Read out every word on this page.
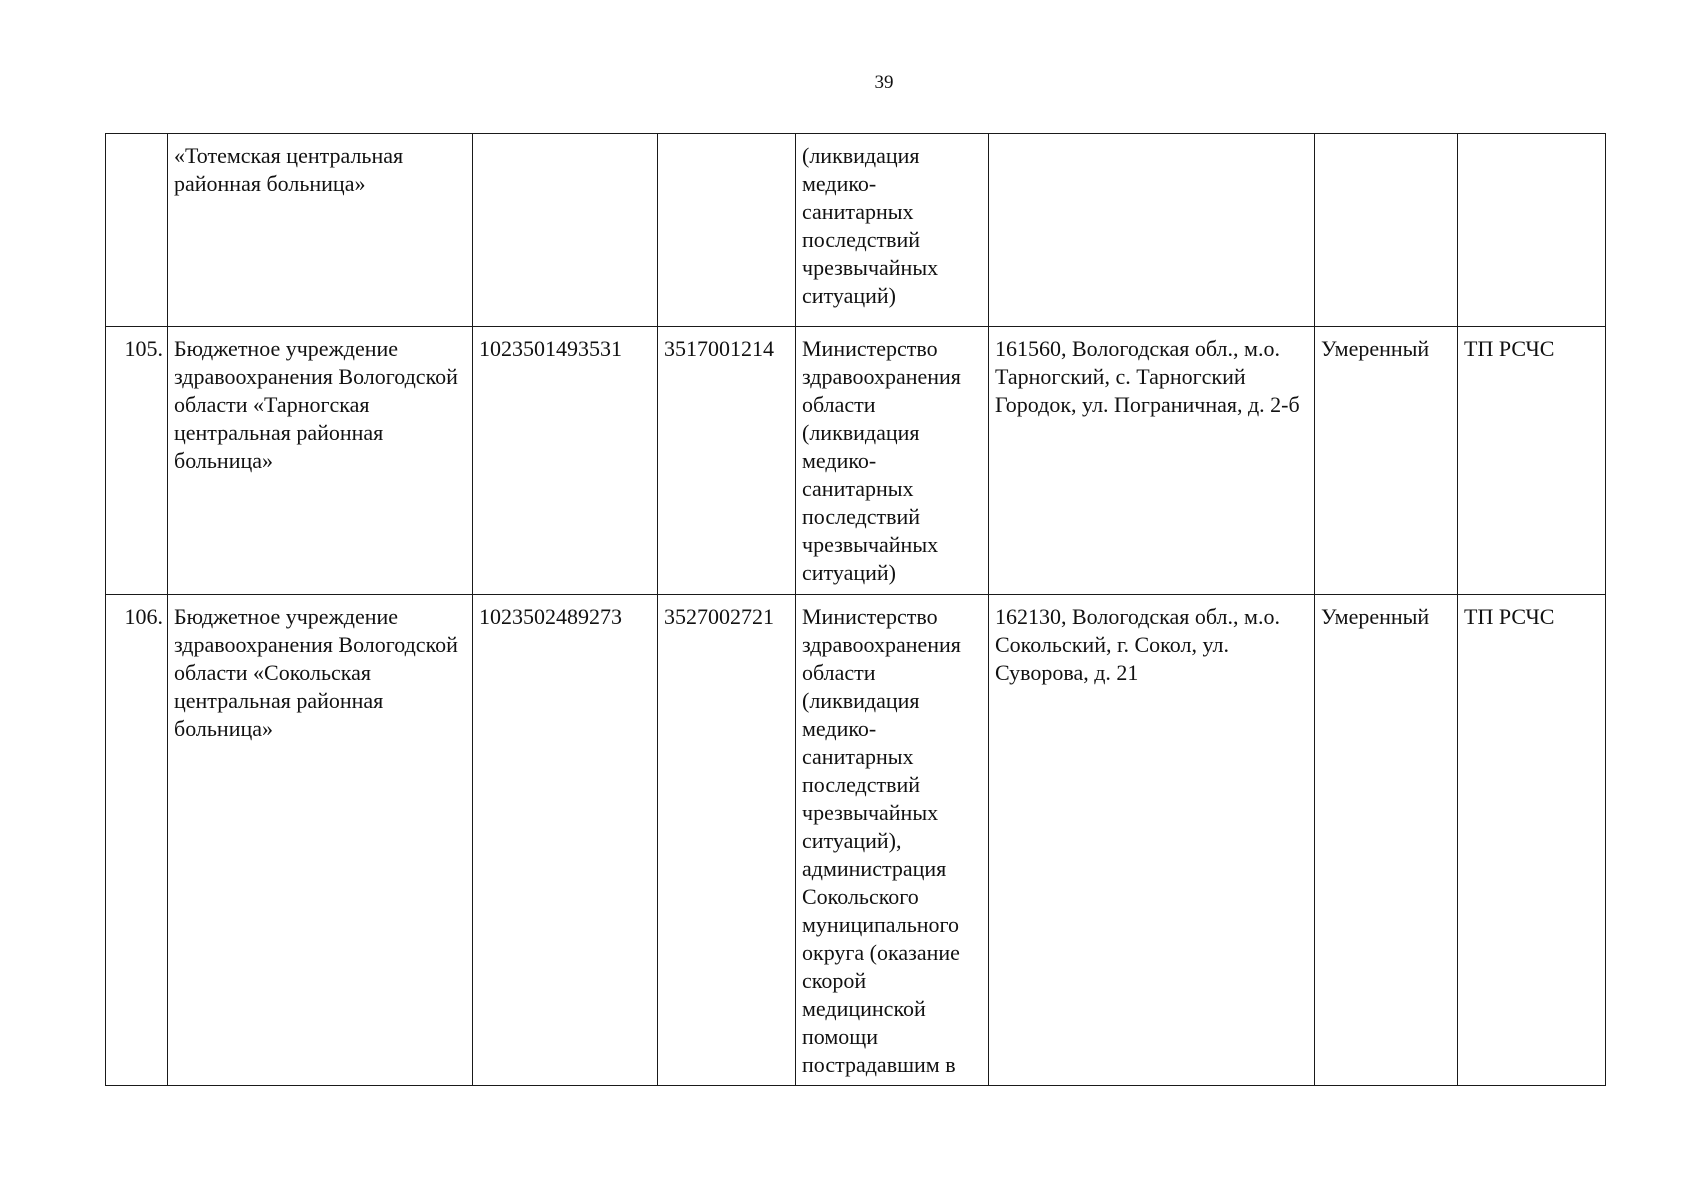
39
	«Тотемская центральная районная больница»			(ликвидация медико-санитарных последствий чрезвычайных ситуаций)			
105.	Бюджетное учреждение здравоохранения Вологодской области «Тарногская центральная районная больница»	1023501493531	3517001214	Министерство здравоохранения области (ликвидация медико-санитарных последствий чрезвычайных ситуаций)	161560, Вологодская обл., м.о. Тарногский, с. Тарногский Городок, ул. Пограничная, д. 2-б	Умеренный	ТП РСЧС
106.	Бюджетное учреждение здравоохранения Вологодской области «Сокольская центральная районная больница»	1023502489273	3527002721	Министерство здравоохранения области (ликвидация медико-санитарных последствий чрезвычайных ситуаций), администрация Сокольского муниципального округа (оказание скорой медицинской помощи пострадавшим в	162130, Вологодская обл., м.о. Сокольский, г. Сокол, ул. Суворова, д. 21	Умеренный	ТП РСЧС
